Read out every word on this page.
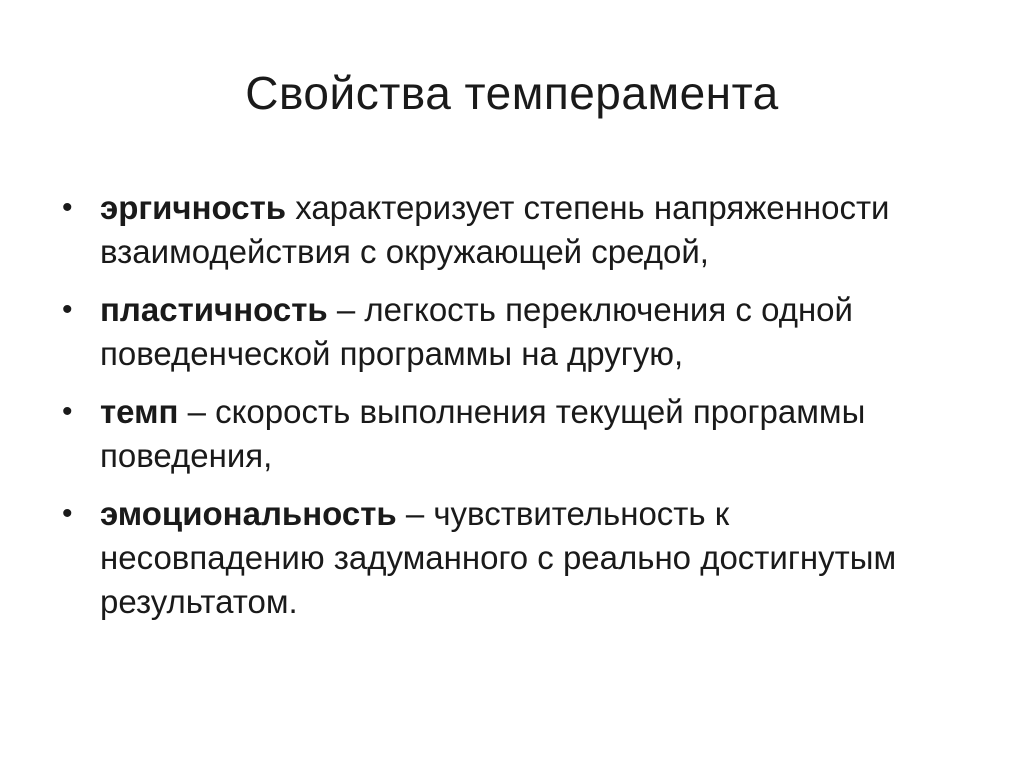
Свойства темперамента
• эргичность характеризует степень напряженности взаимодействия с окружающей средой,
• пластичность – легкость переключения с одной поведенческой программы на другую,
• темп – скорость выполнения текущей программы поведения,
• эмоциональность – чувствительность к несовпадению задуманного с реально достигнутым результатом.
